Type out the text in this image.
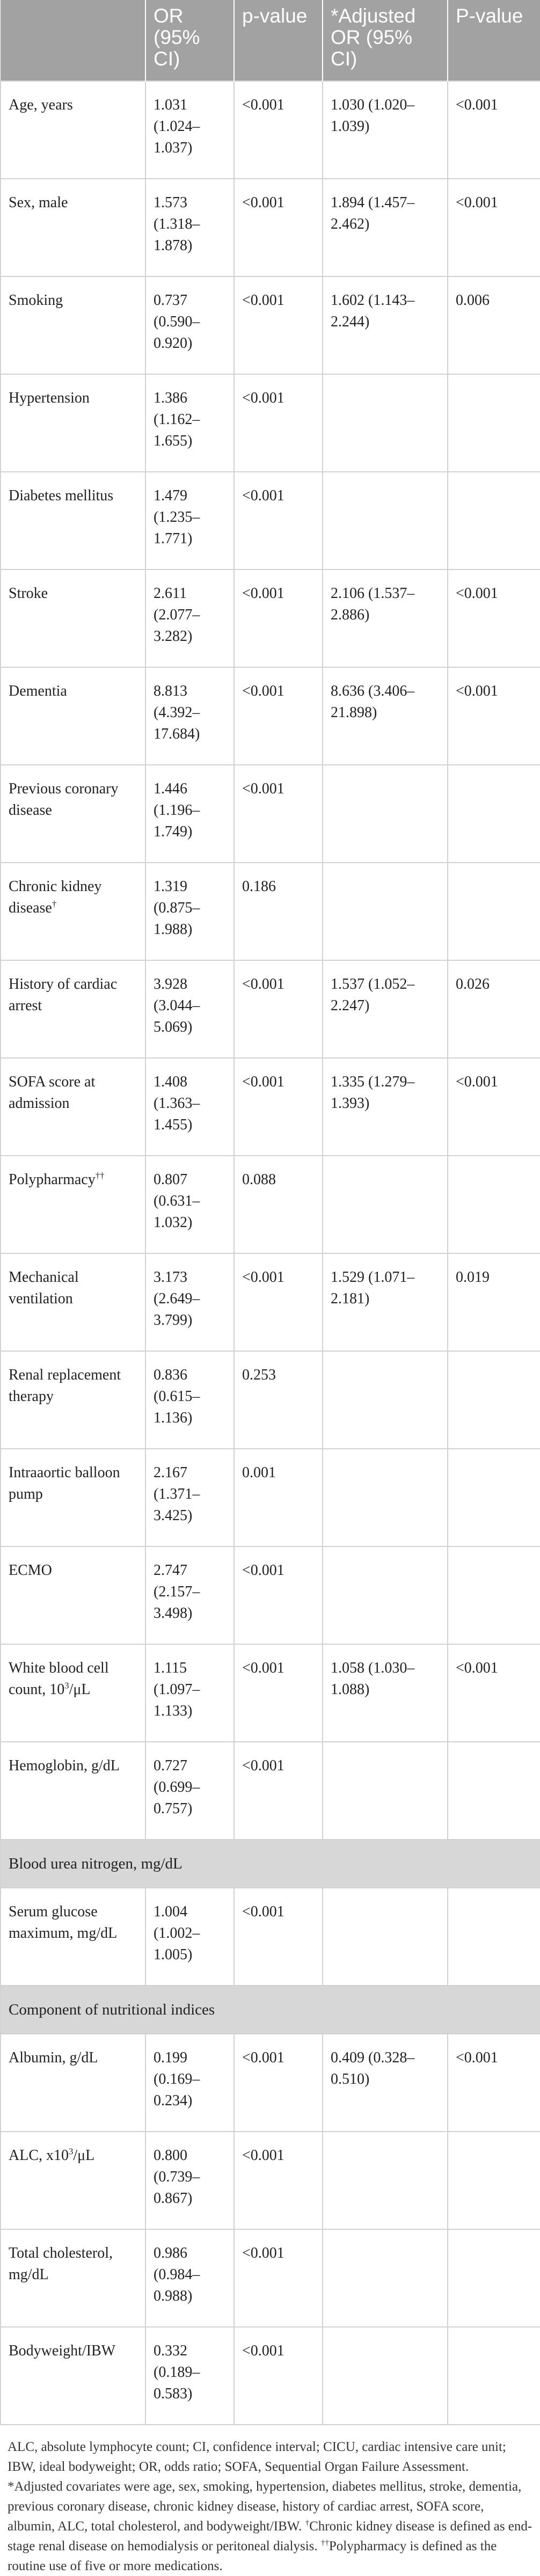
	OR (95% CI)	p-value	*Adjusted OR (95% CI)	P-value
Age, years	1.031 (1.024–1.037)	<0.001	1.030 (1.020–1.039)	<0.001
Sex, male	1.573 (1.318–1.878)	<0.001	1.894 (1.457–2.462)	<0.001
Smoking	0.737 (0.590–0.920)	<0.001	1.602 (1.143–2.244)	0.006
Hypertension	1.386 (1.162–1.655)	<0.001		
Diabetes mellitus	1.479 (1.235–1.771)	<0.001		
Stroke	2.611 (2.077–3.282)	<0.001	2.106 (1.537–2.886)	<0.001
Dementia	8.813 (4.392–17.684)	<0.001	8.636 (3.406–21.898)	<0.001
Previous coronary disease	1.446 (1.196–1.749)	<0.001		
Chronic kidney disease†	1.319 (0.875–1.988)	0.186		
History of cardiac arrest	3.928 (3.044–5.069)	<0.001	1.537 (1.052–2.247)	0.026
SOFA score at admission	1.408 (1.363–1.455)	<0.001	1.335 (1.279–1.393)	<0.001
Polypharmacy††	0.807 (0.631–1.032)	0.088		
Mechanical ventilation	3.173 (2.649–3.799)	<0.001	1.529 (1.071–2.181)	0.019
Renal replacement therapy	0.836 (0.615–1.136)	0.253		
Intraaortic balloon pump	2.167 (1.371–3.425)	0.001		
ECMO	2.747 (2.157–3.498)	<0.001		
White blood cell count, $10^3/\mu L$	1.115 (1.097–1.133)	<0.001	1.058 (1.030–1.088)	<0.001
Hemoglobin, g/dL	0.727 (0.699–0.757)	<0.001		
Blood urea nitrogen, mg/dL				
Serum glucose maximum, mg/dL	1.004 (1.002–1.005)	<0.001		
Component of nutritional indices				
Albumin, g/dL	0.199 (0.169–0.234)	<0.001	0.409 (0.328–0.510)	<0.001
ALC, $x10^3/\mu L$	0.800 (0.739–0.867)	<0.001		
Total cholesterol, mg/dL	0.986 (0.984–0.988)	<0.001		
Bodyweight/IBW	0.332 (0.189–0.583)	<0.001		

ALC, absolute lymphocyte count; CI, confidence interval; CICU, cardiac intensive care unit; IBW, ideal bodyweight; OR, odds ratio; SOFA, Sequential Organ Failure Assessment.

*Adjusted covariates were age, sex, smoking, hypertension, diabetes mellitus, stroke, dementia, previous coronary disease, chronic kidney disease, history of cardiac arrest, SOFA score, albumin, ALC, total cholesterol, and bodyweight/IBW. †Chronic kidney disease is defined as end-stage renal disease on hemodialysis or peritoneal dialysis. ††Polypharmacy is defined as the routine use of five or more medications.
